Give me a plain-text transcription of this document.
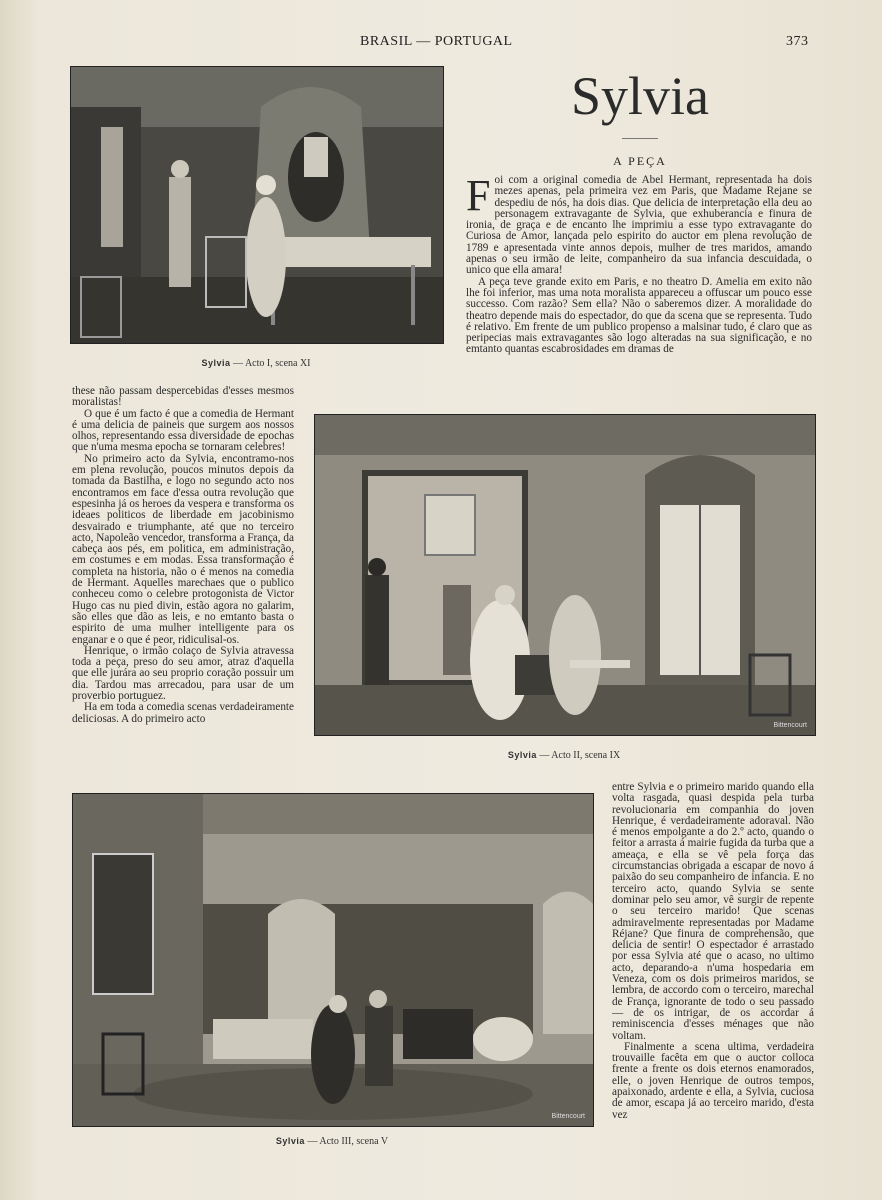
BRASIL — PORTUGAL	373
Sylvia — Acto I, scena XI
Sylvia
A PEÇA

Foi com a original comedia de Abel Hermant, representada ha dois mezes apenas, pela primeira vez em Paris, que Madame Rejane se despediu de nós, ha dois dias. Que delicia de interpretação ella deu ao personagem extravagante de Sylvia, que exhuberancia e finura de ironia, de graça e de encanto lhe imprimiu a esse typo extravagante do Curiosa de Amor, lançada pelo espirito do auctor em plena revolução de 1789 e apresentada vinte annos depois, mulher de tres maridos, amando apenas o seu irmão de leite, companheiro da sua infancia descuidada, o unico que ella amara!

A peça teve grande exito em Paris, e no theatro D. Amelia em exito não lhe foi inferior, mas uma nota moralista appareceu a offuscar um pouco esse successo. Com razão? Sem ella? Não o saberemos dizer. A moralidade do theatro depende mais do espectador, do que da scena que se representa. Tudo é relativo. Em frente de um publico propenso a malsinar tudo, é claro que as peripecias mais extravagantes são logo alteradas na sua significação, e no emtanto quantas escabrosidades em dramas de

these não passam despercebidas d'esses mesmos moralistas!

O que é um facto é que a comedia de Hermant é uma delicia de paineis que surgem aos nossos olhos, representando essa diversidade de epochas que n'uma mesma epocha se tornaram celebres!

No primeiro acto da Sylvia, encontramo-nos em plena revolução, poucos minutos depois da tomada da Bastilha, e logo no segundo acto nos encontramos em face d'essa outra revolução que espesinha já os heroes da vespera e transforma os ideaes politicos de liberdade em jacobinismo desvairado e triumphante, até que no terceiro acto, Napoleão vencedor, transforma a França, da cabeça aos pés, em politica, em administração, em costumes e em modas. Essa transformação é completa na historia, não o é menos na comedia de Hermant. Aquelles marechaes que o publico conheceu como o celebre protogonista de Victor Hugo cas nu pied divin, estão agora no galarim, são elles que dão as leis, e no emtanto basta o espirito de uma mulher intelligente para os enganar e o que é peor, ridiculisal-os.

Henrique, o irmão colaço de Sylvia atravessa toda a peça, preso do seu amor, atraz d'aquella que elle jurára ao seu proprio coração possuir um dia. Tardou mas arrecadou, para usar de um proverbio portuguez.

Ha em toda a comedia scenas verdadeiramente deliciosas. A do primeiro acto

Bittencourt
Sylvia — Acto II, scena IX
Bittencourt
Sylvia — Acto III, scena V

entre Sylvia e o primeiro marido quando ella volta rasgada, quasi despida pela turba revolucionaria em companhia do joven Henrique, é verdadeiramente adoraval. Não é menos empolgante a do 2.º acto, quando o feitor a arrasta á mairie fugida da turba que a ameaça, e ella se vê pela força das circumstancias obrigada a escapar de novo á paixão do seu companheiro de infancia. E no terceiro acto, quando Sylvia se sente dominar pelo seu amor, vê surgir de repente o seu terceiro marido! Que scenas admiravelmente representadas por Madame Réjane? Que finura de comprehensão, que delicia de sentir! O espectador é arrastado por essa Sylvia até que o acaso, no ultimo acto, deparando-a n'uma hospedaria em Veneza, com os dois primeiros maridos, se lembra, de accordo com o terceiro, marechal de França, ignorante de todo o seu passado — de os intrigar, de os accordar á reminiscencia d'esses ménages que não voltam.

Finalmente a scena ultima, verdadeira trouvaille facêta em que o auctor colloca frente a frente os dois eternos enamorados, elle, o joven Henrique de outros tempos, apaixonado, ardente e ella, a Sylvia, cuciosa de amor, escapa já ao terceiro marido, d'esta vez
